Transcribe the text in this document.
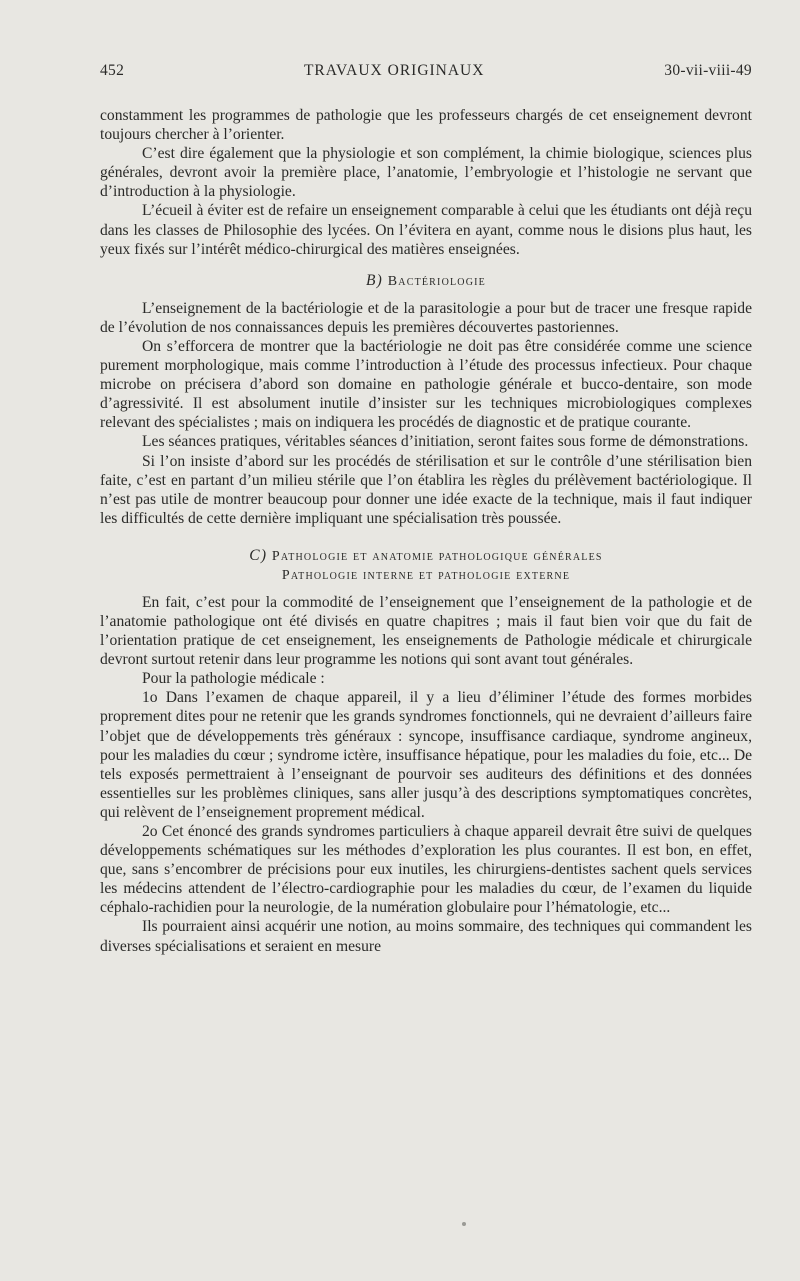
452	TRAVAUX ORIGINAUX	30-vii-viii-49

constamment les programmes de pathologie que les professeurs chargés de cet enseignement devront toujours chercher à l’orienter.

C’est dire également que la physiologie et son complément, la chimie biologique, sciences plus générales, devront avoir la première place, l’anatomie, l’embryologie et l’histologie ne servant que d’introduction à la physiologie.

L’écueil à éviter est de refaire un enseignement comparable à celui que les étudiants ont déjà reçu dans les classes de Philosophie des lycées. On l’évitera en ayant, comme nous le disions plus haut, les yeux fixés sur l’intérêt médico-chirurgical des matières enseignées.

B) Bactériologie

L’enseignement de la bactériologie et de la parasitologie a pour but de tracer une fresque rapide de l’évolution de nos connaissances depuis les premières découvertes pastoriennes.

On s’efforcera de montrer que la bactériologie ne doit pas être considérée comme une science purement morphologique, mais comme l’introduction à l’étude des processus infectieux. Pour chaque microbe on précisera d’abord son domaine en pathologie générale et bucco-dentaire, son mode d’agressivité. Il est absolument inutile d’insister sur les techniques microbiologiques complexes relevant des spécialistes ; mais on indiquera les procédés de diagnostic et de pratique courante.

Les séances pratiques, véritables séances d’initiation, seront faites sous forme de démonstrations.

Si l’on insiste d’abord sur les procédés de stérilisation et sur le contrôle d’une stérilisation bien faite, c’est en partant d’un milieu stérile que l’on établira les règles du prélèvement bactériologique. Il n’est pas utile de montrer beaucoup pour donner une idée exacte de la technique, mais il faut indiquer les difficultés de cette dernière impliquant une spécialisation très poussée.

C) Pathologie et anatomie pathologique générales
Pathologie interne et pathologie externe

En fait, c’est pour la commodité de l’enseignement que l’enseignement de la pathologie et de l’anatomie pathologique ont été divisés en quatre chapitres ; mais il faut bien voir que du fait de l’orientation pratique de cet enseignement, les enseignements de Pathologie médicale et chirurgicale devront surtout retenir dans leur programme les notions qui sont avant tout générales.

Pour la pathologie médicale :

1o Dans l’examen de chaque appareil, il y a lieu d’éliminer l’étude des formes morbides proprement dites pour ne retenir que les grands syndromes fonctionnels, qui ne devraient d’ailleurs faire l’objet que de développements très généraux : syncope, insuffisance cardiaque, syndrome angineux, pour les maladies du cœur ; syndrome ictère, insuffisance hépatique, pour les maladies du foie, etc... De tels exposés permettraient à l’enseignant de pourvoir ses auditeurs des définitions et des données essentielles sur les problèmes cliniques, sans aller jusqu’à des descriptions symptomatiques concrètes, qui relèvent de l’enseignement proprement médical.

2o Cet énoncé des grands syndromes particuliers à chaque appareil devrait être suivi de quelques développements schématiques sur les méthodes d’exploration les plus courantes. Il est bon, en effet, que, sans s’encombrer de précisions pour eux inutiles, les chirurgiens-dentistes sachent quels services les médecins attendent de l’électro-cardiographie pour les maladies du cœur, de l’examen du liquide céphalo-rachidien pour la neurologie, de la numération globulaire pour l’hématologie, etc...

Ils pourraient ainsi acquérir une notion, au moins sommaire, des techniques qui commandent les diverses spécialisations et seraient en mesure
